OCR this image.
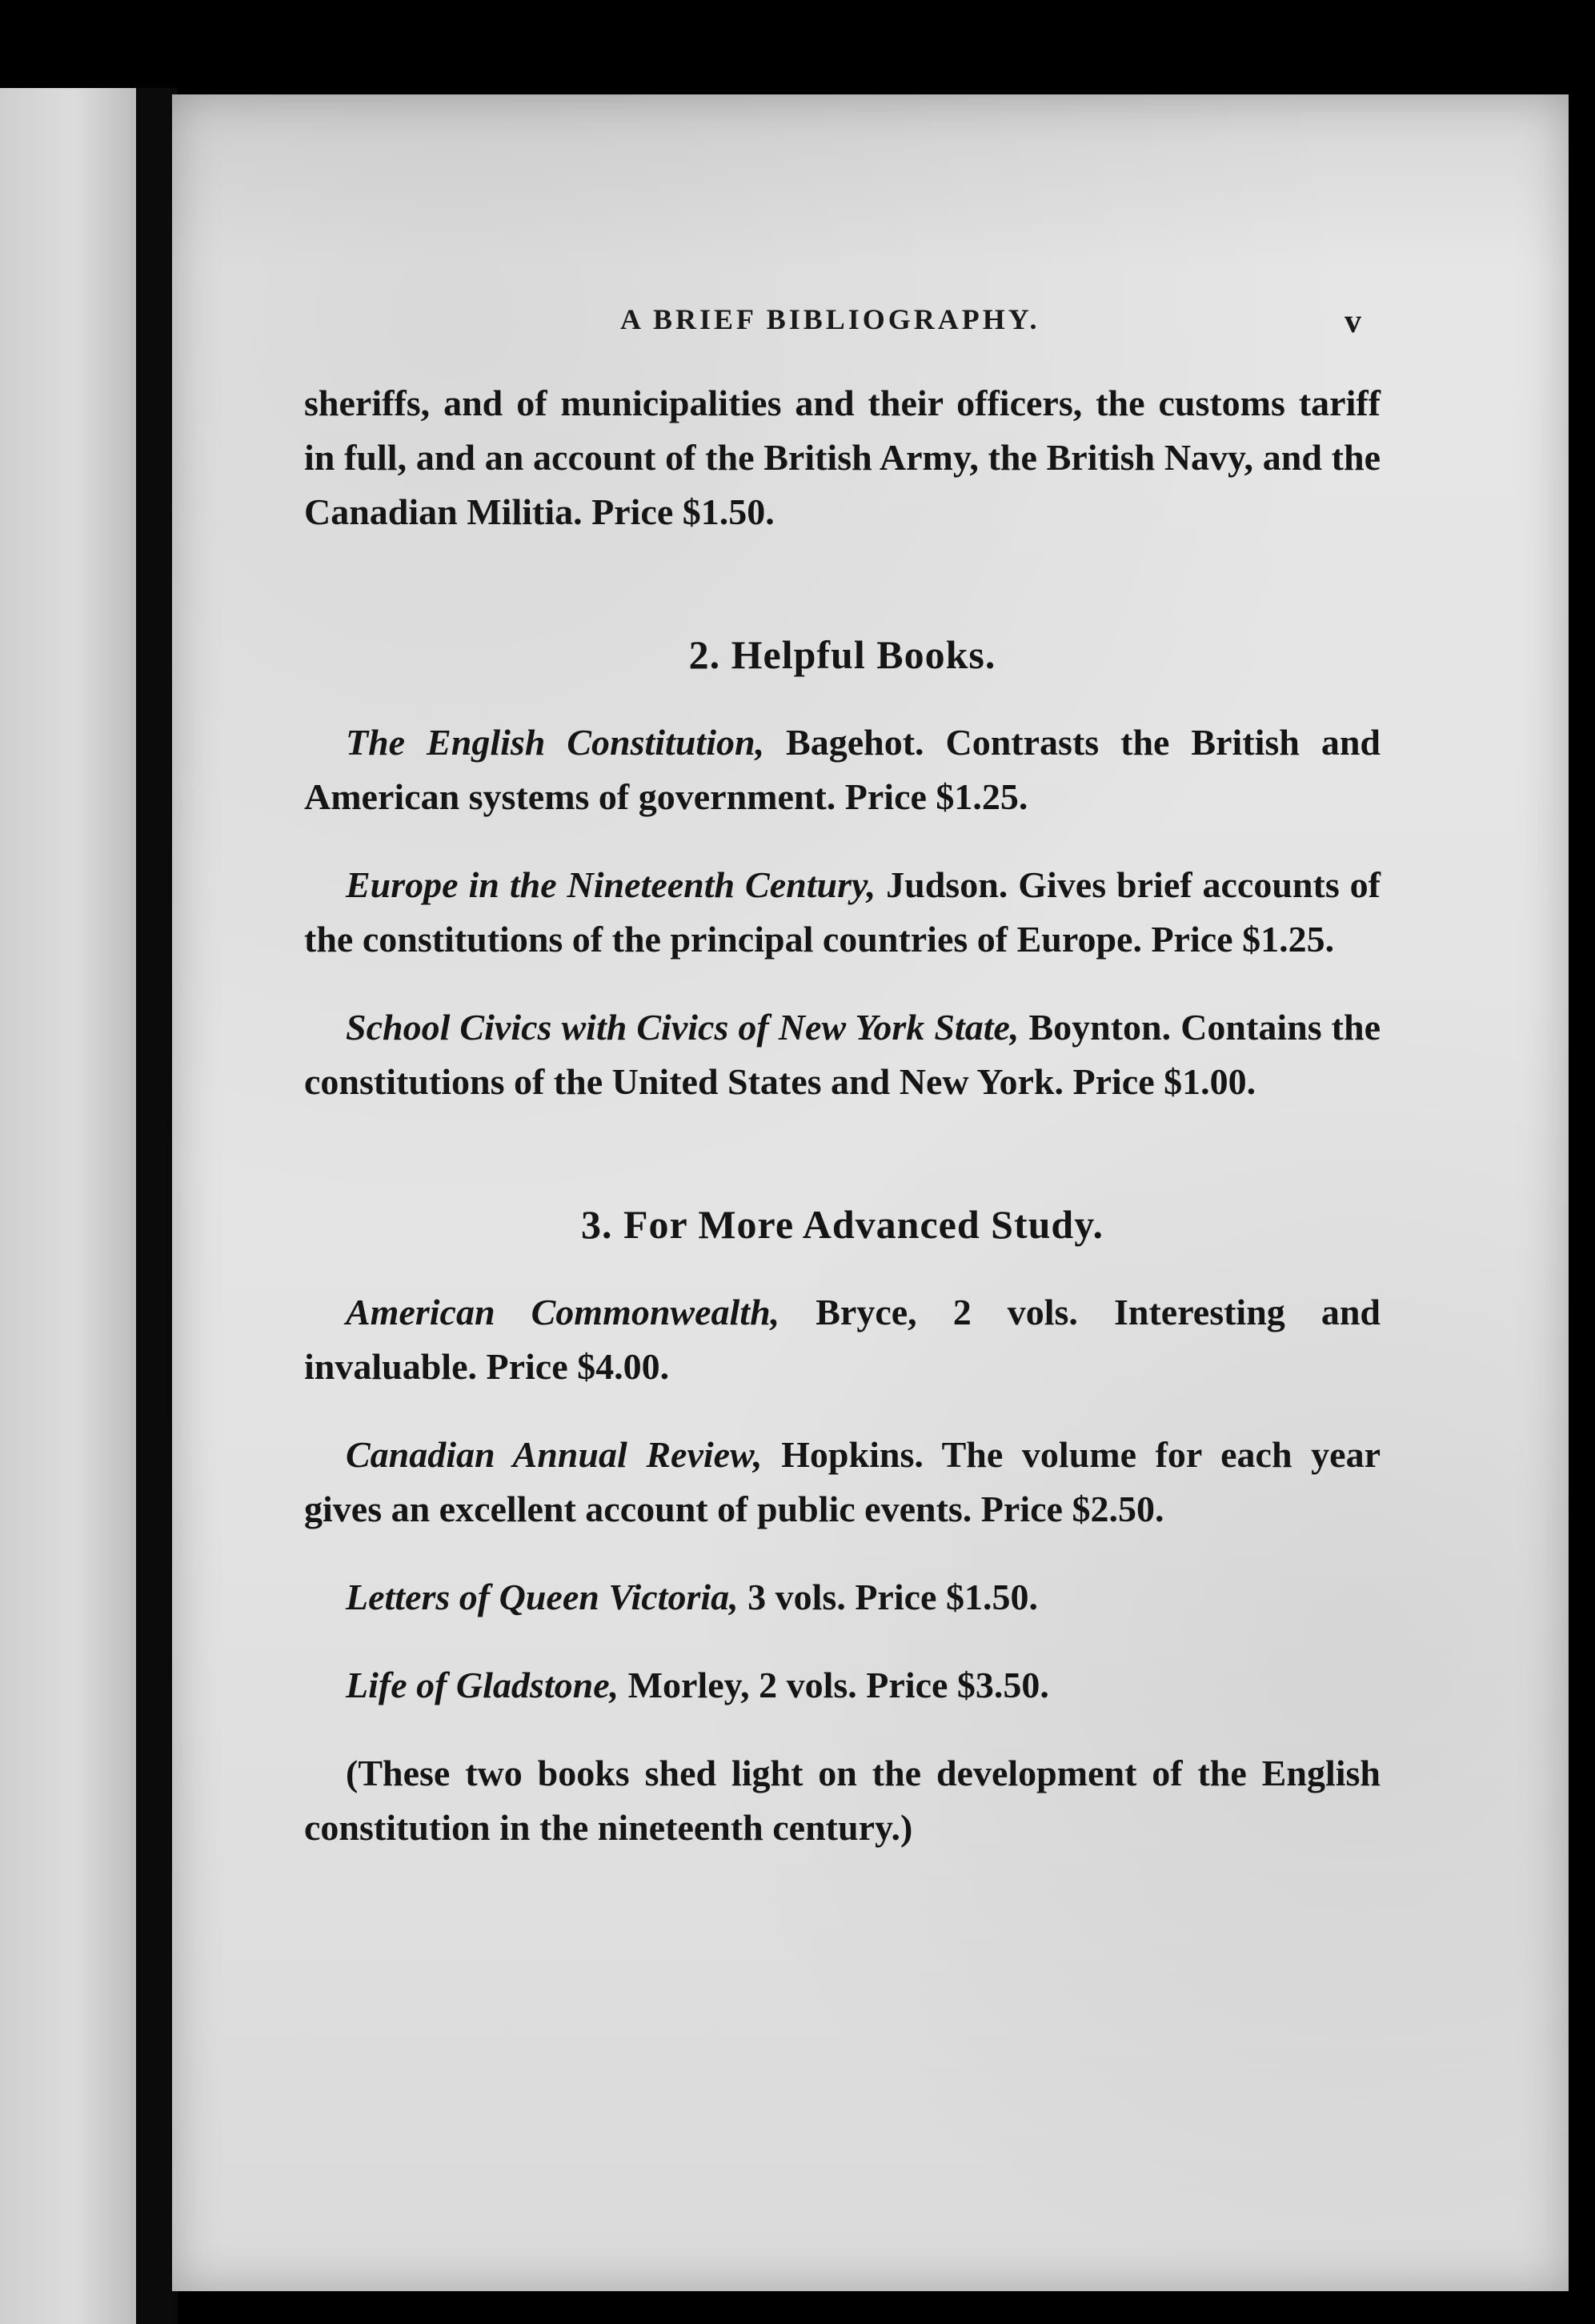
A BRIEF BIBLIOGRAPHY.	v

sheriffs, and of municipalities and their officers, the customs tariff in full, and an account of the British Army, the British Navy, and the Canadian Militia. Price $1.50.

2. Helpful Books.

The English Constitution, Bagehot. Contrasts the British and American systems of government. Price $1.25.

Europe in the Nineteenth Century, Judson. Gives brief accounts of the constitutions of the principal countries of Europe. Price $1.25.

School Civics with Civics of New York State, Boynton. Contains the constitutions of the United States and New York. Price $1.00.

3. For More Advanced Study.

American Commonwealth, Bryce, 2 vols. Interesting and invaluable. Price $4.00.

Canadian Annual Review, Hopkins. The volume for each year gives an excellent account of public events. Price $2.50.

Letters of Queen Victoria, 3 vols. Price $1.50.

Life of Gladstone, Morley, 2 vols. Price $3.50.

(These two books shed light on the development of the English constitution in the nineteenth century.)
